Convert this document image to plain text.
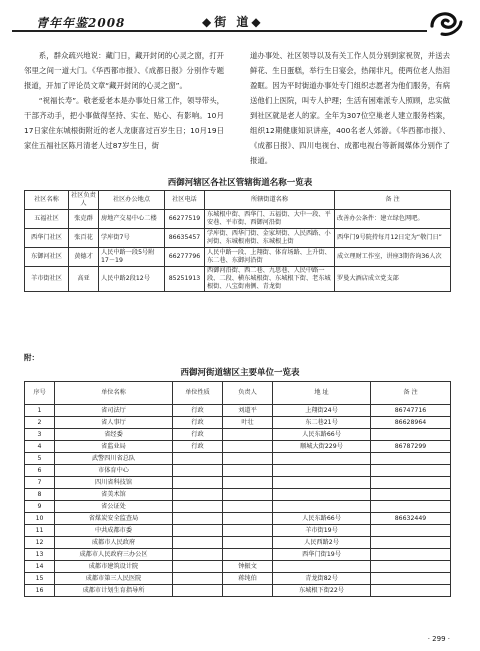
青年年鉴2008	◆街 道◆

系，群众疏兴地说：藏门日，藏开封闭的心灵之窗，打开邻里之间一道大门。《华西都市报》、《成都日报》分别作专题报道，开加了评论员文章“藏开封闭的心灵之窗”。

“祝福长寿”。敬老爱老本是办事处日常工作，领导带头，干部齐动手，把小事做得坚持、实在、贴心、有影响。10月17日家住东城根街附近的老人龙康喜过百岁生日；10月19日家住五福社区陈月清老人过87岁生日，街

道办事处、社区领导以及有关工作人员分别到家祝贺，并送去鲜花、生日蛋糕，举行生日宴会，热闹非凡，使两位老人热泪盈眶。因为平时街道办事处专门组织志愿者为他们服务，有病送他们上医院，叫专人护理；生活有困难派专人照顾，忠实做到社区就是老人的家。全年为307位空巢老人建立服务档案，组织12期健康知识讲座，400名老人郊游。《华西都市报》、《成都日报》、四川电视台、成都电视台等新闻媒体分别作了报道。

西御河辖区各社区管辖街道名称一览表
社区名称	社区负责人	社区办公地点	社区电话	所辖街道名称	备 注
五福社区	张克群	房地产交易中心二楼	66277519	东城根中街、西华门、五福街、大中一段、平安巷、平市街、西御河沿街	改善办公条件：建立绿色网吧。
西华门社区	张百花	学库街7号	86635457	学库街、西华门街、金家坝街、人民西路、小河街、东城根南街、东城根上街	西华门9号院持每月12日定为“敬门日”
东御河社区	黄德才	人民中路一段5号附17－19	66277796	人民中路一段、上翔街、体育场路、上升街、东二巷、东御河沿街	成立理财工作室，讲座3期咨询36人次
羊市街社区	高亚	人民中路2段12号	85251913	西御河沿街、西二巷、九思巷、人民中路一段、二段、横东城根街、东城根下街、老东城根街、八宝街南侧、青龙街	罗曼大酒店成立党支部
附：
西御河街道辖区主要单位一览表
序号	单位名称	单位性质	负责人	地 址	备 注
1	省司法厅	行政	刘道平	上翔街24号	86747716
2	省人事厅	行政	叶壮	东二巷21号	86628964
3	省经委	行政		人民东路66号	
4	省监业局	行政		顺城大街229号	86787299
5	武警四川省总队				
6	市体育中心				
7	四川省科技馆				
8	省美术馆				
9	省公证处				
10	省煤炭安全监查局			人民东路66号	86632449
11	中共成都市委			羊市街19号	
12	成都市人民政府			人民西路2号	
13	成都市人民政府三办公区			西华门街19号	
14	成都市建筑设计院		钟振文		
15	成都市第三人民医院		蒋纯伯	青龙街82号	
16	成都市计划生育指导所			东城根下街22号	
· 299 ·
